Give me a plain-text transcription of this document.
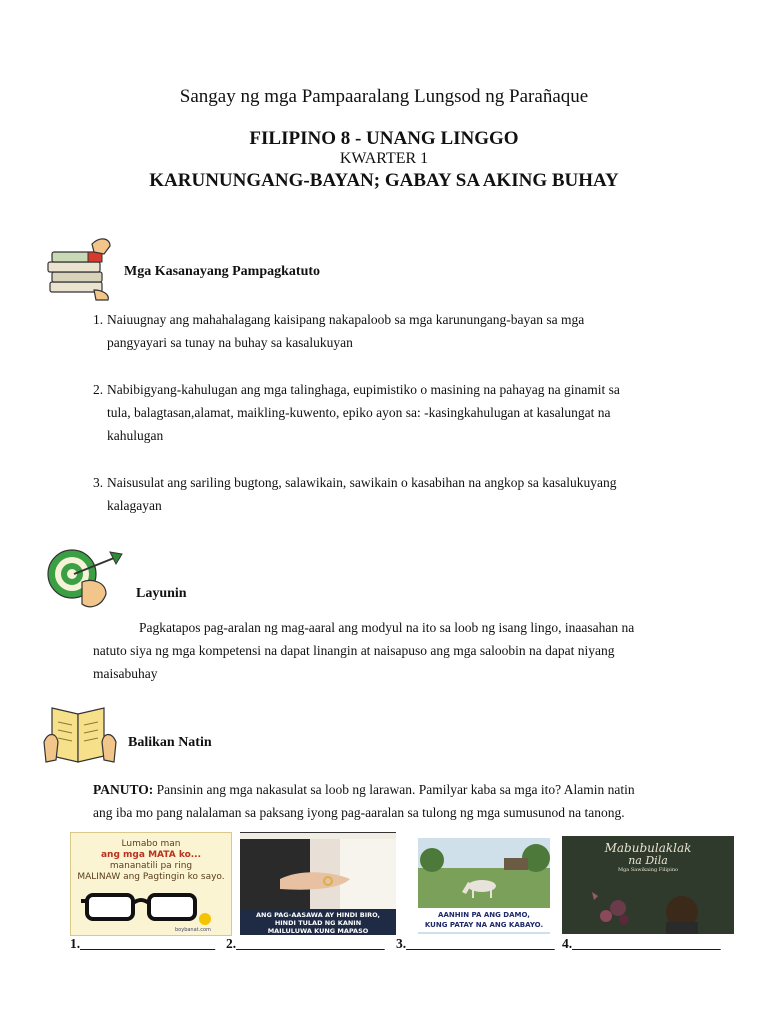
Sangay ng mga Pampaaralang Lungsod ng Parañaque
FILIPINO 8 - UNANG LINGGO
KWARTER 1
KARUNUNGANG-BAYAN; GABAY SA AKING BUHAY
Mga Kasanayang Pampagkatuto
1. Naiuugnay ang mahahalagang kaisipang nakapaloob sa mga karunungang-bayan sa mga
pangyayari sa tunay na buhay sa kasalukuyan
2. Nabibigyang-kahulugan ang mga talinghaga, eupimistiko o masining na pahayag na ginamit sa
tula, balagtasan,alamat, maikling-kuwento, epiko ayon sa: -kasingkahulugan at kasalungat na
kahulugan
3. Naisusulat ang sariling bugtong, salawikain, sawikain o kasabihan na angkop sa kasalukuyang
kalagayan
Layunin
Pagkatapos pag-aralan ng mag-aaral ang modyul na ito sa loob ng isang lingo, inaasahan na
natuto siya ng mga kompetensi na dapat linangin at naisapuso ang mga saloobin na dapat niyang
maisabuhay
Balikan Natin
PANUTO: Pansinin ang mga nakasulat sa loob ng larawan. Pamilyar kaba sa mga ito? Alamin natin
ang iba mo pang nalalaman sa paksang iyong pag-aaralan sa tulong ng mga sumusunod na tanong.
Lumabo man
ang mga MATA ko...
mananatili pa ring
MALINAW ang Pagtingin ko sayo.
boybanat.com
ANG PAG-AASAWA AY HINDI BIRO,
HINDI TULAD NG KANIN
MAILULUWA KUNG MAPASO
AANHIN PA ANG DAMO,
KUNG PATAY NA ANG KABAYO.
Mabubulaklak
na Dila
Mga Sawikaing Filipino
1.____________________ 2.______________________ 3.______________________ 4.______________________
